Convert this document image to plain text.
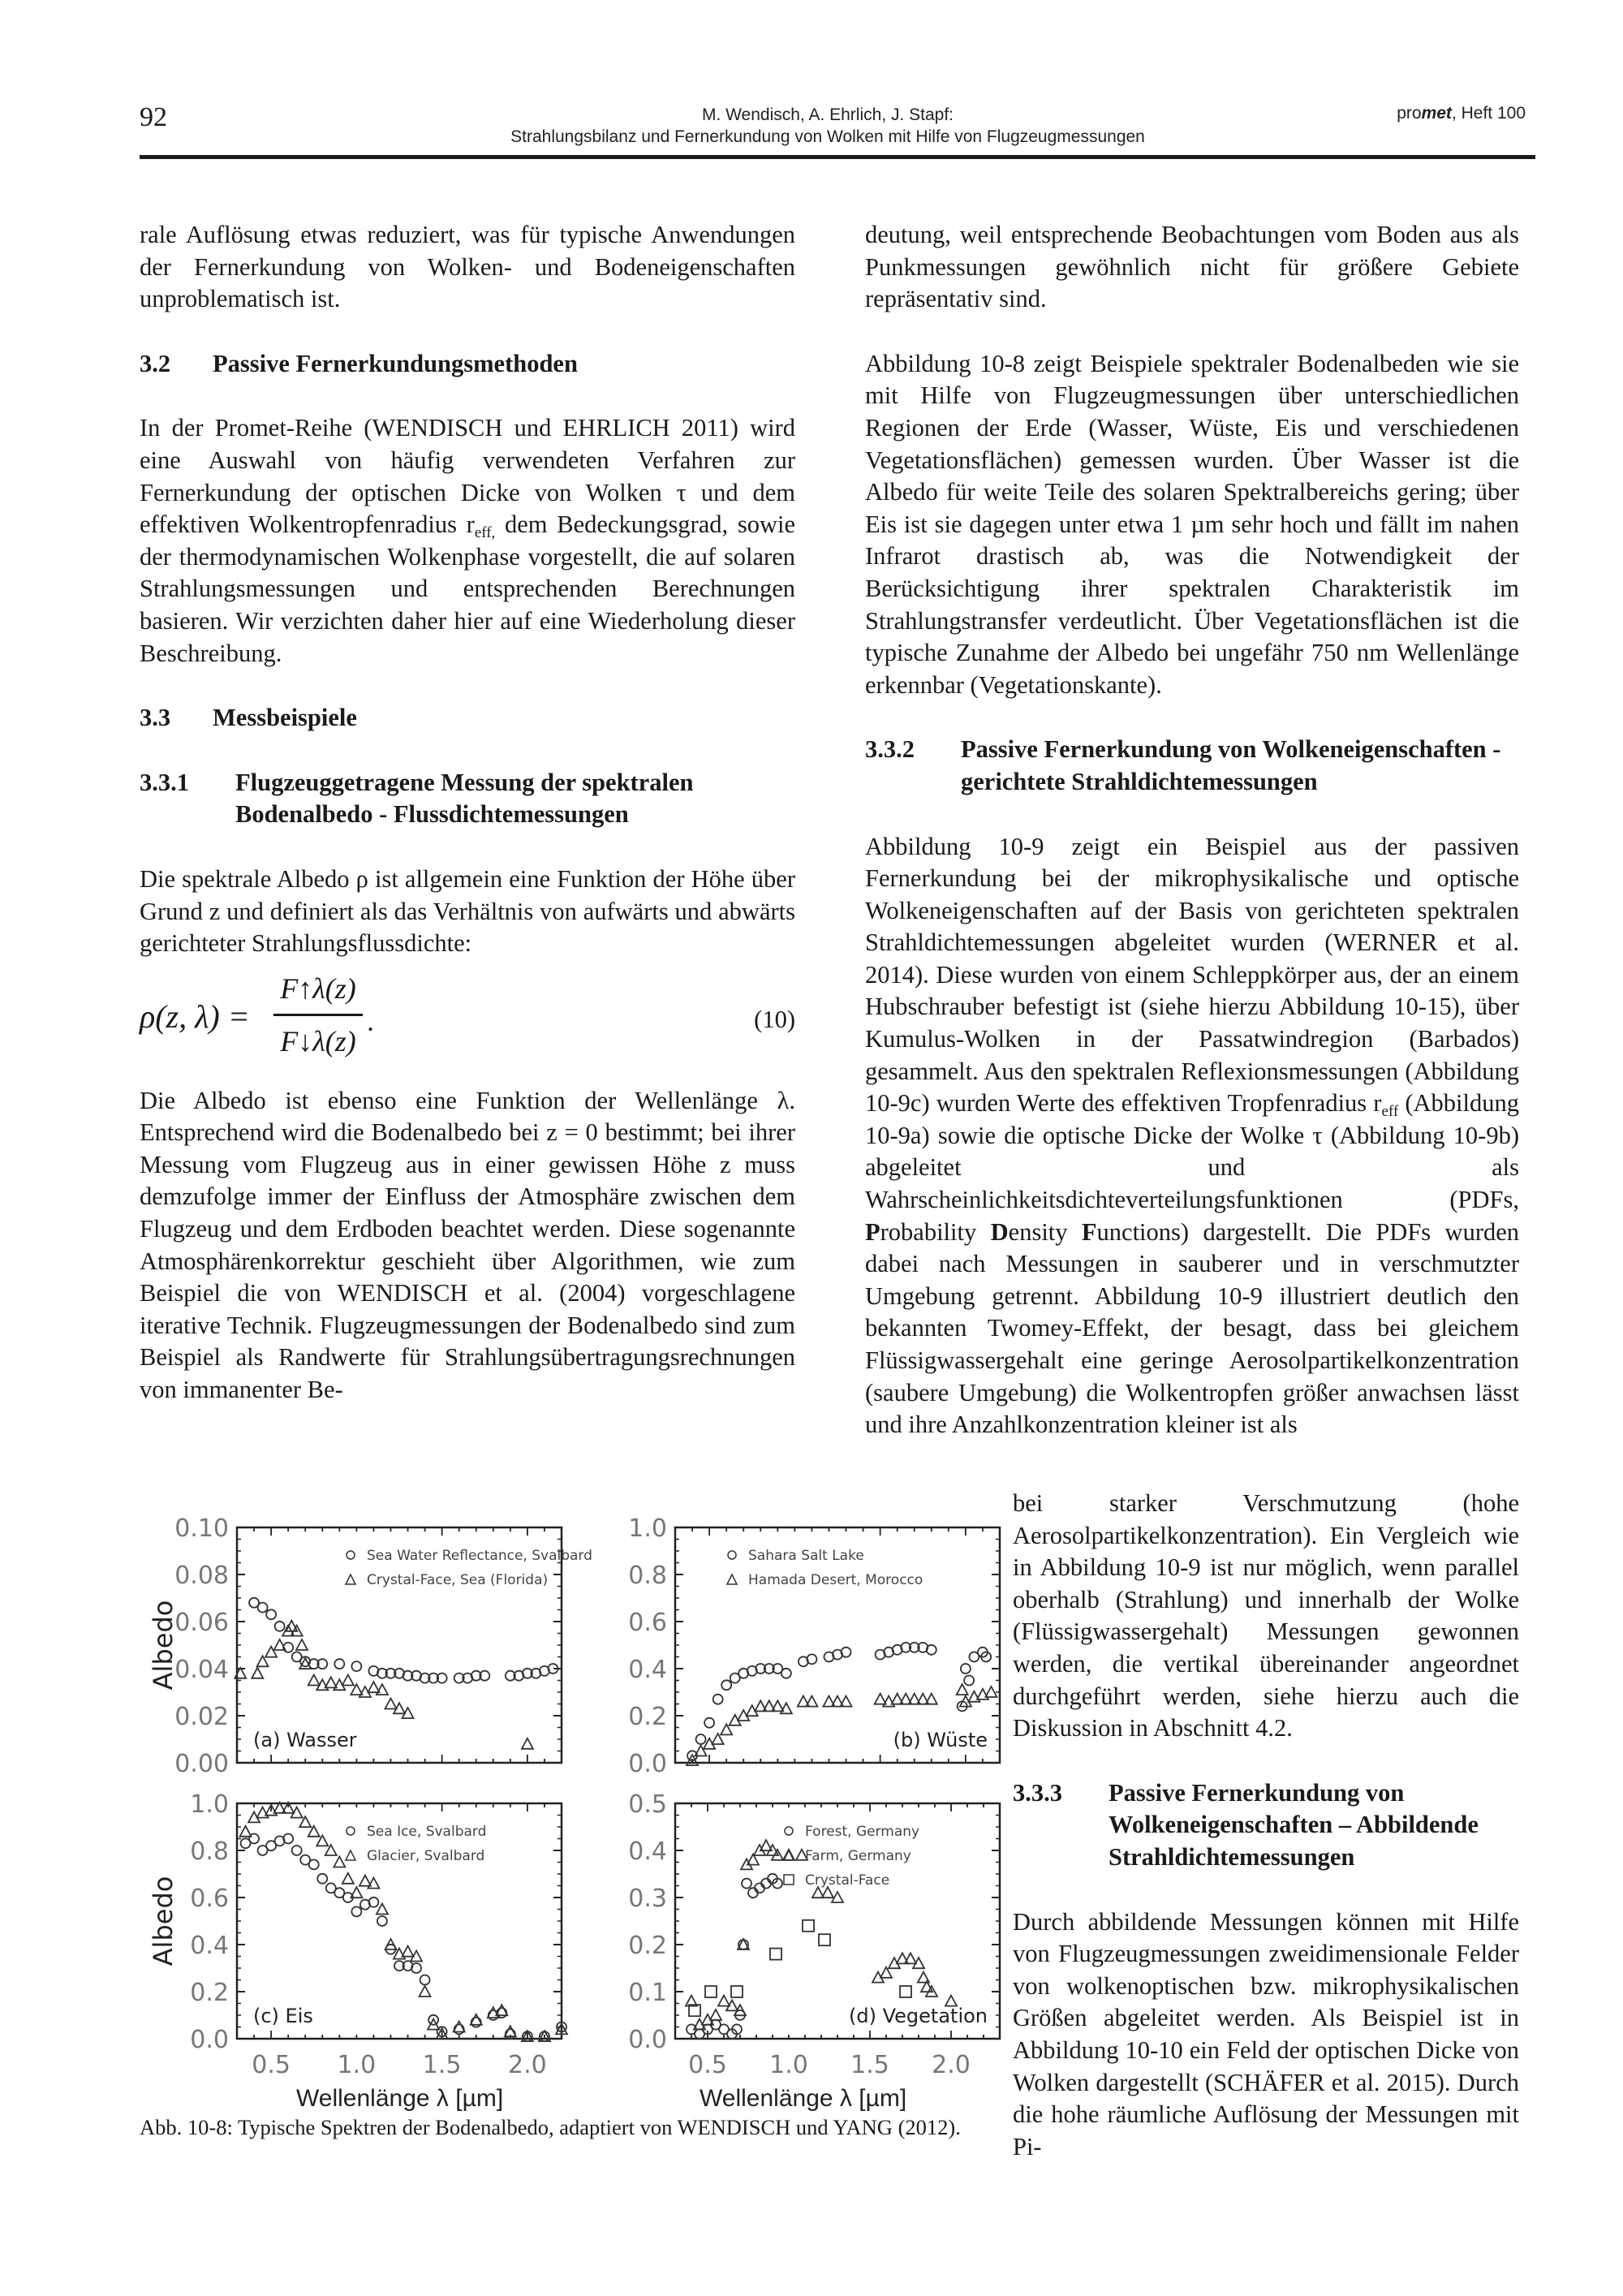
92	M. Wendisch, A. Ehrlich, J. Stapf:
Strahlungsbilanz und Fernerkundung von Wolken mit Hilfe von Flugzeugmessungen
promet, Heft 100

rale Auflösung etwas reduziert, was für typische Anwendungen der Fernerkundung von Wolken- und Bodeneigenschaften unproblematisch ist.

3.2 Passive Fernerkundungsmethoden

In der Promet-Reihe (WENDISCH und EHRLICH 2011) wird eine Auswahl von häufig verwendeten Verfahren zur Fernerkundung der optischen Dicke von Wolken τ und dem effektiven Wolkentropfenradius $r_{eff,}$ dem Bedeckungsgrad, sowie der thermodynamischen Wolkenphase vorgestellt, die auf solaren Strahlungsmessungen und entsprechenden Berechnungen basieren. Wir verzichten daher hier auf eine Wiederholung dieser Beschreibung.

3.3 Messbeispiele
3.3.1	Flugzeuggetragene Messung der spektralen Bodenalbedo - Flussdichtemessungen

Die spektrale Albedo ρ ist allgemein eine Funktion der Höhe über Grund z und definiert als das Verhältnis von aufwärts und abwärts gerichteter Strahlungsflussdichte:

ρ(z, λ) =
F↑λ(z)
F↓λ(z)
.	(10)

Die Albedo ist ebenso eine Funktion der Wellenlänge λ. Entsprechend wird die Bodenalbedo bei z = 0 bestimmt; bei ihrer Messung vom Flugzeug aus in einer gewissen Höhe z muss demzufolge immer der Einfluss der Atmosphäre zwischen dem Flugzeug und dem Erdboden beachtet werden. Diese sogenannte Atmosphärenkorrektur geschieht über Algorithmen, wie zum Beispiel die von WENDISCH et al. (2004) vorgeschlagene iterative Technik. Flugzeugmessungen der Bodenalbedo sind zum Beispiel als Randwerte für Strahlungsübertragungsrechnungen von immanenter Be-

deutung, weil entsprechende Beobachtungen vom Boden aus als Punkmessungen gewöhnlich nicht für größere Gebiete repräsentativ sind.

Abbildung 10-8 zeigt Beispiele spektraler Bodenalbeden wie sie mit Hilfe von Flugzeugmessungen über unterschiedlichen Regionen der Erde (Wasser, Wüste, Eis und verschiedenen Vegetationsflächen) gemessen wurden. Über Wasser ist die Albedo für weite Teile des solaren Spektralbereichs gering; über Eis ist sie dagegen unter etwa 1 µm sehr hoch und fällt im nahen Infrarot drastisch ab, was die Notwendigkeit der Berücksichtigung ihrer spektralen Charakteristik im Strahlungstransfer verdeutlicht. Über Vegetationsflächen ist die typische Zunahme der Albedo bei ungefähr 750 nm Wellenlänge erkennbar (Vegetationskante).

3.3.2	Passive Fernerkundung von Wolkeneigenschaften - gerichtete Strahldichtemessungen

Abbildung 10-9 zeigt ein Beispiel aus der passiven Fernerkundung bei der mikrophysikalische und optische Wolkeneigenschaften auf der Basis von gerichteten spektralen Strahldichtemessungen abgeleitet wurden (WERNER et al. 2014). Diese wurden von einem Schleppkörper aus, der an einem Hubschrauber befestigt ist (siehe hierzu Abbildung 10-15), über Kumulus-Wolken in der Passatwindregion (Barbados) gesammelt. Aus den spektralen Reflexionsmessungen (Abbildung 10-9c) wurden Werte des effektiven Tropfenradius $r_{eff}$ (Abbildung 10-9a) sowie die optische Dicke der Wolke τ (Abbildung 10-9b) abgeleitet und als Wahrscheinlichkeitsdichteverteilungsfunktionen (PDFs, Probability Density Functions) dargestellt. Die PDFs wurden dabei nach Messungen in sauberer und in verschmutzter Umgebung getrennt. Abbildung 10-9 illustriert deutlich den bekannten Twomey-Effekt, der besagt, dass bei gleichem Flüssigwassergehalt eine geringe Aerosolpartikelkonzentration (saubere Umgebung) die Wolkentropfen größer anwachsen lässt und ihre Anzahlkonzentration kleiner ist als

bei starker Verschmutzung (hohe Aerosolpartikelkonzentration). Ein Vergleich wie in Abbildung 10-9 ist nur möglich, wenn parallel oberhalb (Strahlung) und innerhalb der Wolke (Flüssigwassergehalt) Messungen gewonnen werden, die vertikal übereinander angeordnet durchgeführt werden, siehe hierzu auch die Diskussion in Abschnitt 4.2.

3.3.3	Passive Fernerkundung von Wolkeneigenschaften – Abbildende Strahldichtemessungen

Durch abbildende Messungen können mit Hilfe von Flugzeugmessungen zweidimensionale Felder von wolkenoptischen bzw. mikrophysikalischen Größen abgeleitet werden. Als Beispiel ist in Abbildung 10-10 ein Feld der optischen Dicke von Wolken dargestellt (SCHÄFER et al. 2015). Durch die hohe räumliche Auflösung der Messungen mit Pi-

0.00
0.02
0.04
0.06
0.08
0.10
Albedo
Sea Water Reflectance, Svalbard
Crystal-Face, Sea (Florida)
(a) Wasser
0.0
0.2
0.4
0.6
0.8
1.0
Sahara Salt Lake
Hamada Desert, Morocco
(b) Wüste
0.0
0.2
0.4
0.6
0.8
1.0
0.5 1.0 1.5 2.0
Albedo
Sea Ice, Svalbard
Glacier, Svalbard
(c) Eis
0.0
0.1
0.2
0.3
0.4
0.5
0.5 1.0 1.5 2.0
Forest, Germany
Farm, Germany
Crystal-Face
(d) Vegetation
Wellenlänge λ [µm]	Wellenlänge λ [µm]
Abb. 10-8: Typische Spektren der Bodenalbedo, adaptiert von WENDISCH und YANG (2012).
